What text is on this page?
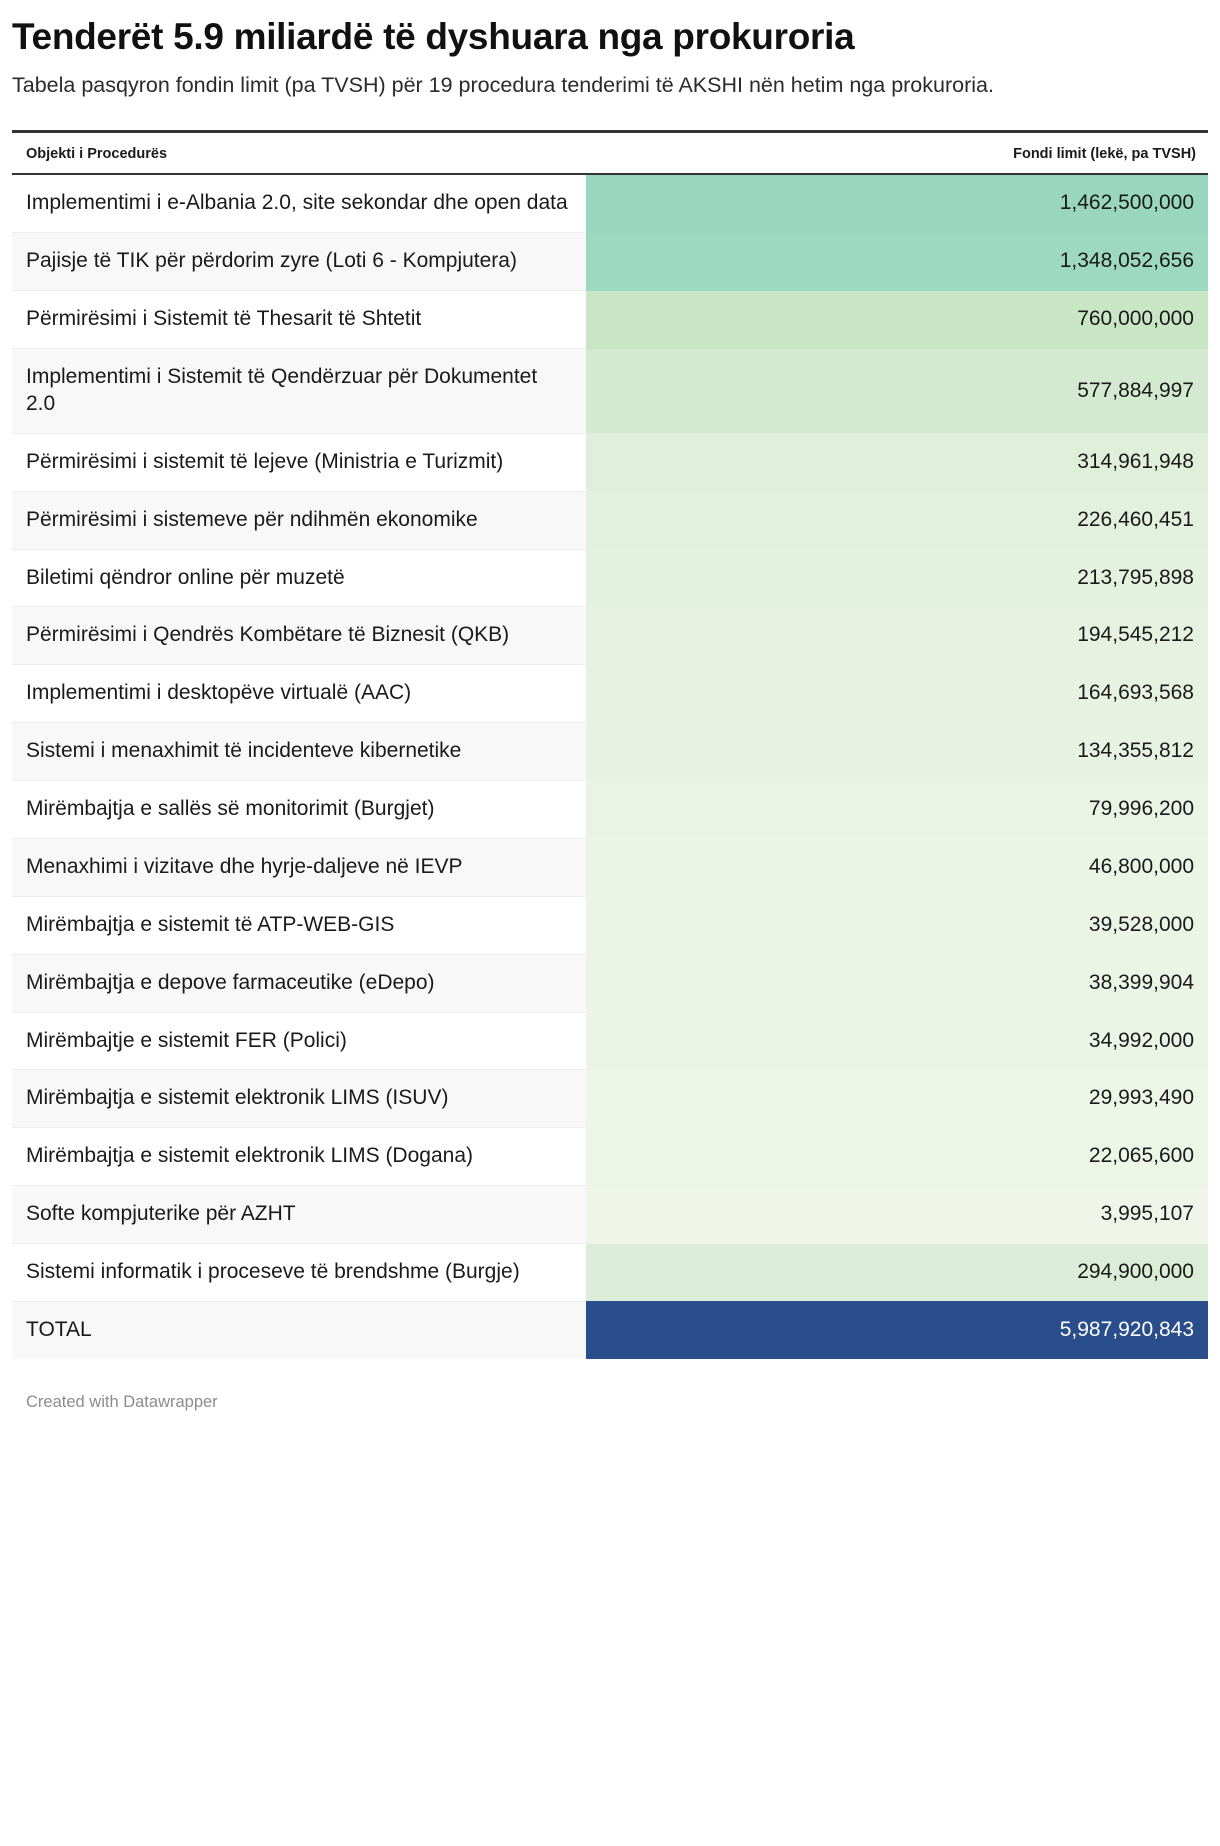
Tenderët 5.9 miliardë të dyshuara nga prokuroria

Tabela pasqyron fondin limit (pa TVSH) për 19 procedura tenderimi të AKSHI nën hetim nga prokuroria.

Objekti i Procedurës	Fondi limit (lekë, pa TVSH)
Implementimi i e-Albania 2.0, site sekondar dhe open data	1,462,500,000
Pajisje të TIK për përdorim zyre (Loti 6 - Kompjutera)	1,348,052,656
Përmirësimi i Sistemit të Thesarit të Shtetit	760,000,000
Implementimi i Sistemit të Qendërzuar për Dokumentet 2.0	577,884,997
Përmirësimi i sistemit të lejeve (Ministria e Turizmit)	314,961,948
Përmirësimi i sistemeve për ndihmën ekonomike	226,460,451
Biletimi qëndror online për muzetë	213,795,898
Përmirësimi i Qendrës Kombëtare të Biznesit (QKB)	194,545,212
Implementimi i desktopëve virtualë (AAC)	164,693,568
Sistemi i menaxhimit të incidenteve kibernetike	134,355,812
Mirëmbajtja e sallës së monitorimit (Burgjet)	79,996,200
Menaxhimi i vizitave dhe hyrje-daljeve në IEVP	46,800,000
Mirëmbajtja e sistemit të ATP-WEB-GIS	39,528,000
Mirëmbajtja e depove farmaceutike (eDepo)	38,399,904
Mirëmbajtje e sistemit FER (Polici)	34,992,000
Mirëmbajtja e sistemit elektronik LIMS (ISUV)	29,993,490
Mirëmbajtja e sistemit elektronik LIMS (Dogana)	22,065,600
Softe kompjuterike për AZHT	3,995,107
Sistemi informatik i proceseve të brendshme (Burgje)	294,900,000
TOTAL	5,987,920,843
Created with Datawrapper
